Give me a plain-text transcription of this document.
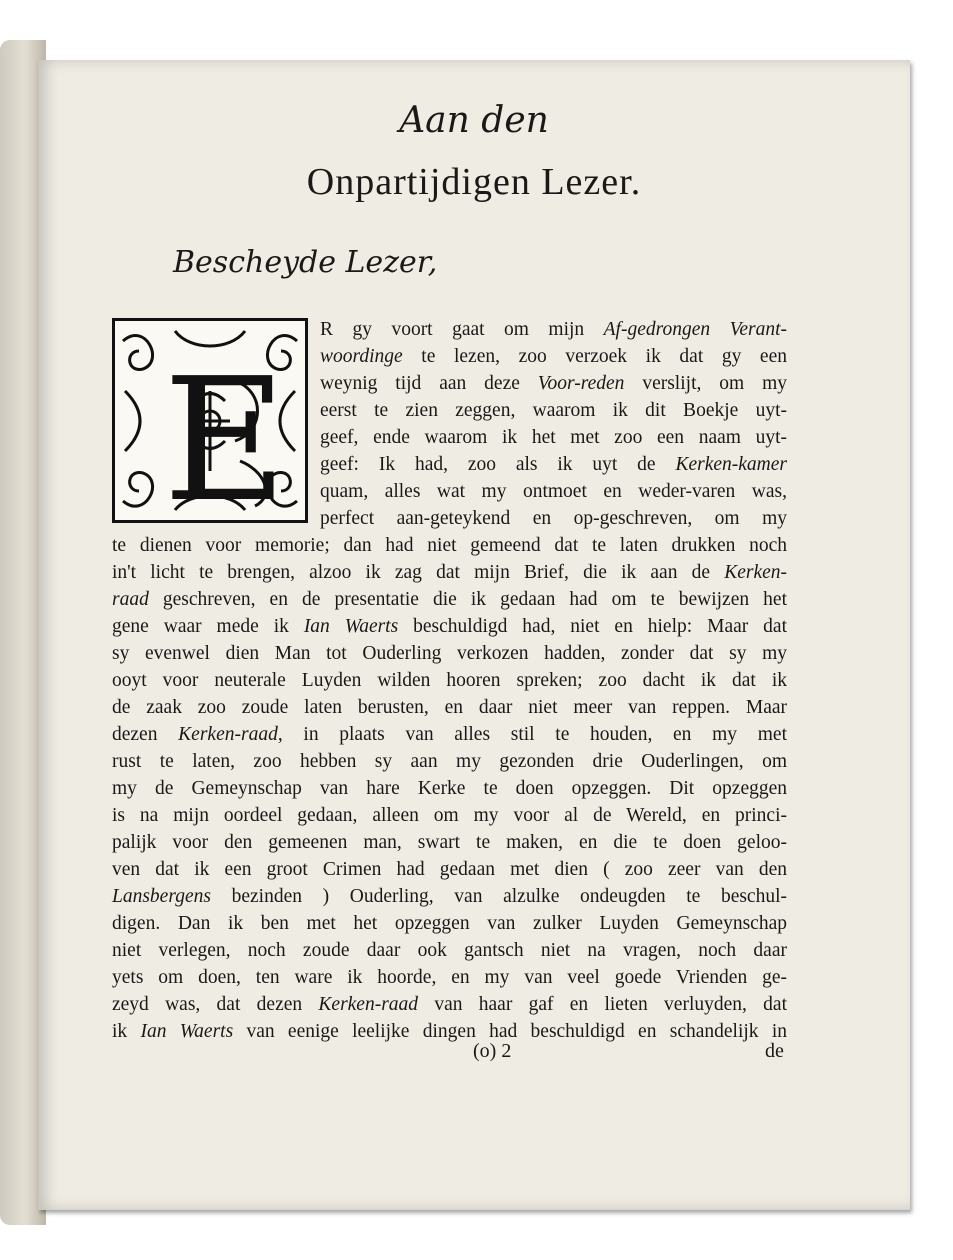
Aan den
Onpartijdigen Lezer.
Bescheyde Lezer,
E
R gy voort gaat om mijn Af-gedrongen Verant-
woordinge te lezen, zoo verzoek ik dat gy een
weynig tijd aan deze Voor-reden verslijt, om my
eerst te zien zeggen, waarom ik dit Boekje uyt-
geef, ende waarom ik het met zoo een naam uyt-
geef: Ik had, zoo als ik uyt de Kerken-kamer
quam, alles wat my ontmoet en weder-varen was,
perfect aan-geteykend en op-geschreven, om my
te dienen voor memorie; dan had niet gemeend dat te laten drukken noch
in't licht te brengen, alzoo ik zag dat mijn Brief, die ik aan de Kerken-
raad geschreven, en de presentatie die ik gedaan had om te bewijzen het
gene waar mede ik Ian Waerts beschuldigd had, niet en hielp: Maar dat
sy evenwel dien Man tot Ouderling verkozen hadden, zonder dat sy my
ooyt voor neuterale Luyden wilden hooren spreken; zoo dacht ik dat ik
de zaak zoo zoude laten berusten, en daar niet meer van reppen. Maar
dezen Kerken-raad, in plaats van alles stil te houden, en my met
rust te laten, zoo hebben sy aan my gezonden drie Ouderlingen, om
my de Gemeynschap van hare Kerke te doen opzeggen. Dit opzeggen
is na mijn oordeel gedaan, alleen om my voor al de Wereld, en princi-
palijk voor den gemeenen man, swart te maken, en die te doen geloo-
ven dat ik een groot Crimen had gedaan met dien ( zoo zeer van den
Lansbergens bezinden ) Ouderling, van alzulke ondeugden te beschul-
digen. Dan ik ben met het opzeggen van zulker Luyden Gemeynschap
niet verlegen, noch zoude daar ook gantsch niet na vragen, noch daar
yets om doen, ten ware ik hoorde, en my van veel goede Vrienden ge-
zeyd was, dat dezen Kerken-raad van haar gaf en lieten verluyden, dat
ik Ian Waerts van eenige leelijke dingen had beschuldigd en schandelijk in
(o) 2	de
